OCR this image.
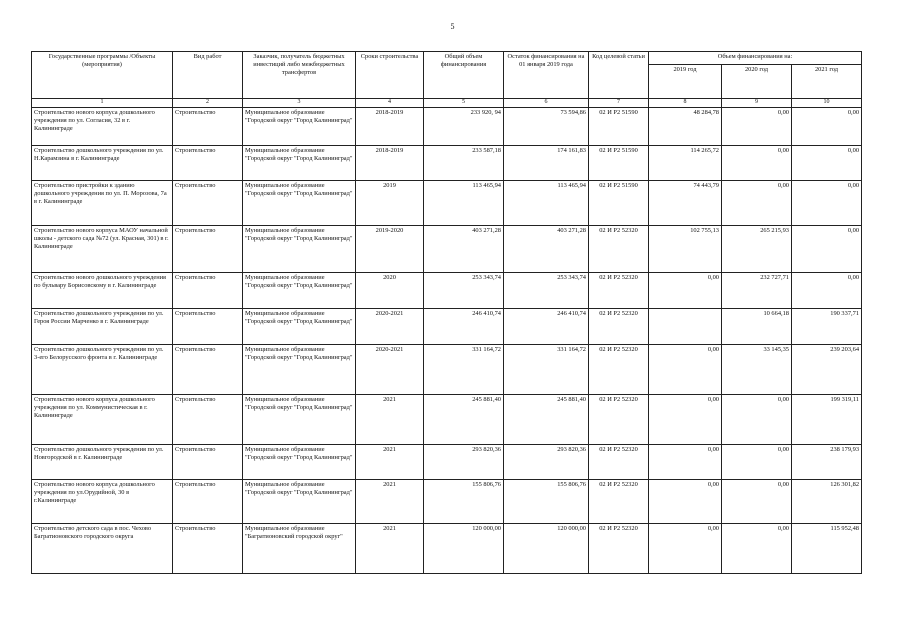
5
Государственные программы /Объекты (мероприятия)	Вид работ	Заказчик, получатель бюджетных инвестиций либо межбюджетных трансфертов	Сроки строительства	Общий объем финансирования	Остаток финансирования на 01 января 2019 года	Код целевой статьи	Объем финансирования на:		
							2019 год	2020 год	2021 год
1	2	3	4	5	6	7	8	9	10
Строительство нового корпуса дошкольного учреждения по ул. Согласия, 32 в г. Калининграде	Строительство	Муниципальное образование "Городской округ "Город Калининград"	2018-2019	233 920, 94	73 594,86	02 И Р2 51590	48 284,78	0,00	0,00
Строительство дошкольного учреждения по ул. Н.Карамзина в г. Калининграде	Строительство	Муниципальное образование "Городской округ "Город Калининград"	2018-2019	233 587,18	174 161,83	02 И Р2 51590	114 265,72	0,00	0,00
Строительство пристройки к зданию дошкольного учреждения по ул. П. Морозова, 7а в г. Калининграде	Строительство	Муниципальное образование "Городской округ "Город Калининград"	2019	113 465,94	113 465,94	02 И Р2 51590	74 443,79	0,00	0,00
Строительство нового корпуса МАОУ начальной школы - детского сада №72 (ул. Красная, 301) в г. Калининграде	Строительство	Муниципальное образование "Городской округ "Город Калининград"	2019-2020	403 271,28	403 271,28	02 И Р2 52320	102 755,13	265 215,93	0,00
Строительство нового дошкольного учреждения по бульвару Борисовскому в г. Калининграде	Строительство	Муниципальное образование "Городской округ "Город Калининград"	2020	253 343,74	253 343,74	02 И Р2 52320	0,00	232 727,71	0,00
Строительство дошкольного учреждения по ул. Героя России Марченко в г. Калининграде	Строительство	Муниципальное образование "Городской округ "Город Калининград"	2020-2021	246 410,74	246 410,74	02 И Р2 52320		10 664,18	190 337,71
Строительство дошкольного учреждения по ул. 3-его Белорусского фронта в г. Калининграде	Строительство	Муниципальное образование "Городской округ "Город Калининград"	2020-2021	331 164,72	331 164,72	02 И Р2 52320	0,00	33 145,35	239 203,64
Строительство нового корпуса дошкольного учреждения по ул. Коммунистическая в г. Калининграде	Строительство	Муниципальное образование "Городской округ "Город Калининград"	2021	245 881,40	245 881,40	02 И Р2 52320	0,00	0,00	199 319,11
Строительство дошкольного учреждения по ул. Новгородской в г. Калининграде	Строительство	Муниципальное образование "Городской округ "Город Калининград"	2021	293 820,36	293 820,36	02 И Р2 52320	0,00	0,00	238 179,93
Строительство нового корпуса дошкольного учреждения по ул.Орудийной, 30 в г.Калининграде	Строительство	Муниципальное образование "Городской округ "Город Калининград"	2021	155 806,76	155 806,76	02 И Р2 52320	0,00	0,00	126 301,82
Строительство детского сада в пос. Чехово Багратионовского городского округа	Строительство	Муниципальное образование "Багратионовский городской округ"	2021	120 000,00	120 000,00	02 И Р2 52320	0,00	0,00	115 952,48
